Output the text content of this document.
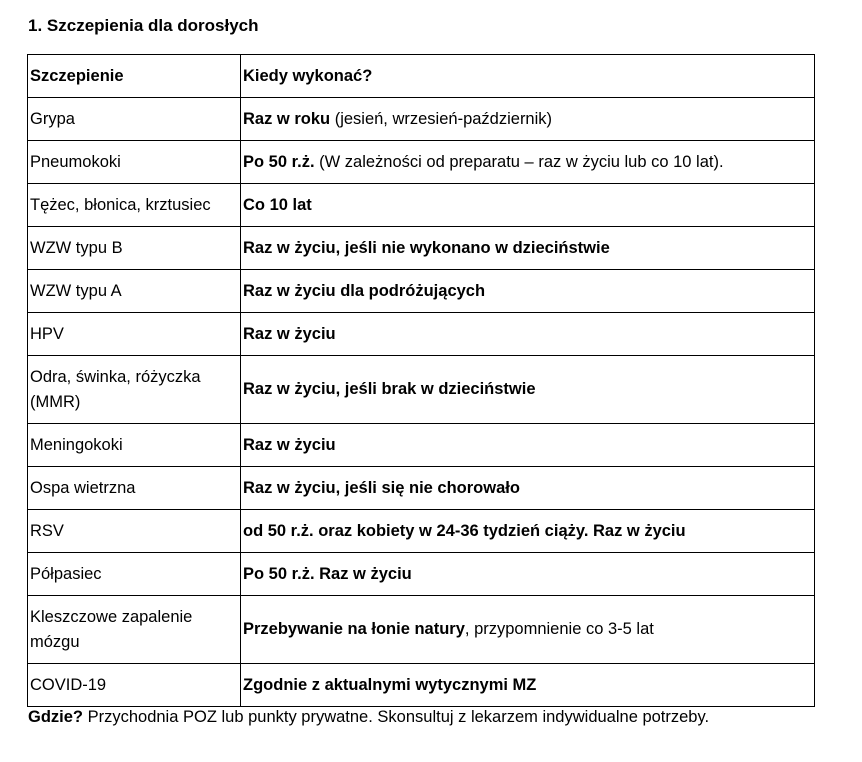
1. Szczepienia dla dorosłych
Szczepienie	Kiedy wykonać?
Grypa	Raz w roku (jesień, wrzesień-październik)
Pneumokoki	Po 50 r.ż. (W zależności od preparatu – raz w życiu lub co 10 lat).
Tężec, błonica, krztusiec	Co 10 lat
WZW typu B	Raz w życiu, jeśli nie wykonano w dzieciństwie
WZW typu A	Raz w życiu dla podróżujących
HPV	Raz w życiu
Odra, świnka, różyczka (MMR)	Raz w życiu, jeśli brak w dzieciństwie
Meningokoki	Raz w życiu
Ospa wietrzna	Raz w życiu, jeśli się nie chorowało
RSV	od 50 r.ż. oraz kobiety w 24-36 tydzień ciąży. Raz w życiu
Półpasiec	Po 50 r.ż. Raz w życiu
Kleszczowe zapalenie mózgu	Przebywanie na łonie natury, przypomnienie co 3-5 lat
COVID-19	Zgodnie z aktualnymi wytycznymi MZ
Gdzie? Przychodnia POZ lub punkty prywatne. Skonsultuj z lekarzem indywidualne potrzeby.
